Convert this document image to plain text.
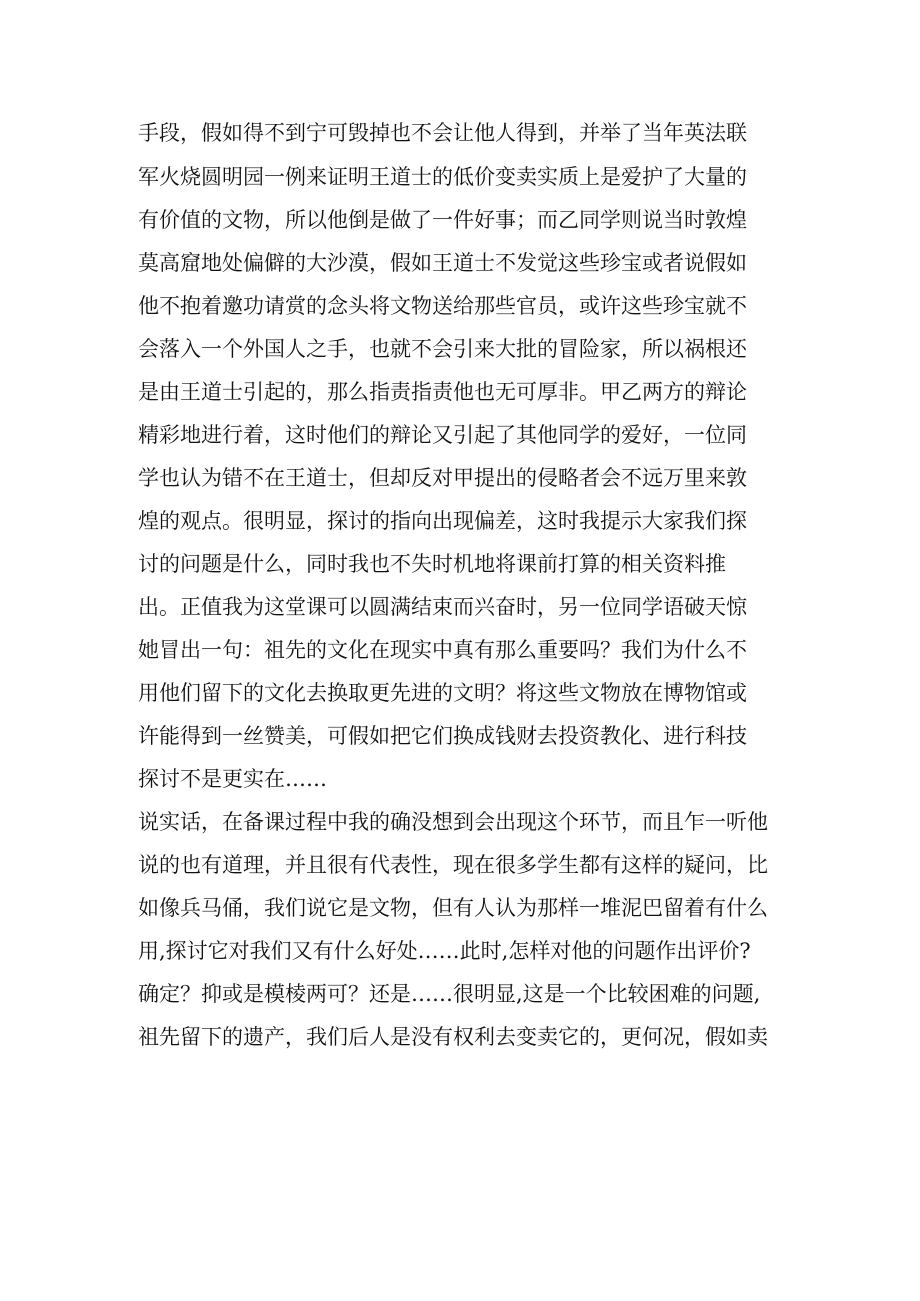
手段，假如得不到宁可毁掉也不会让他人得到，并举了当年英法联
军火烧圆明园一例来证明王道士的低价变卖实质上是爱护了大量的
有价值的文物，所以他倒是做了一件好事；而乙同学则说当时敦煌
莫高窟地处偏僻的大沙漠，假如王道士不发觉这些珍宝或者说假如
他不抱着邀功请赏的念头将文物送给那些官员，或许这些珍宝就不
会落入一个外国人之手，也就不会引来大批的冒险家，所以祸根还
是由王道士引起的，那么指责指责他也无可厚非。甲乙两方的辩论
精彩地进行着，这时他们的辩论又引起了其他同学的爱好，一位同
学也认为错不在王道士，但却反对甲提出的侵略者会不远万里来敦
煌的观点。很明显，探讨的指向出现偏差，这时我提示大家我们探
讨的问题是什么，同时我也不失时机地将课前打算的相关资料推
出。正值我为这堂课可以圆满结束而兴奋时，另一位同学语破天惊
她冒出一句：祖先的文化在现实中真有那么重要吗？我们为什么不
用他们留下的文化去换取更先进的文明？将这些文物放在博物馆或
许能得到一丝赞美，可假如把它们换成钱财去投资教化、进行科技
探讨不是更实在……
说实话，在备课过程中我的确没想到会出现这个环节，而且乍一听他
说的也有道理，并且很有代表性，现在很多学生都有这样的疑问，比
如像兵马俑，我们说它是文物，但有人认为那样一堆泥巴留着有什么
用,探讨它对我们又有什么好处……此时,怎样对他的问题作出评价?
确定？抑或是模棱两可？还是……很明显,这是一个比较困难的问题,
祖先留下的遗产，我们后人是没有权利去变卖它的，更何况，假如卖
